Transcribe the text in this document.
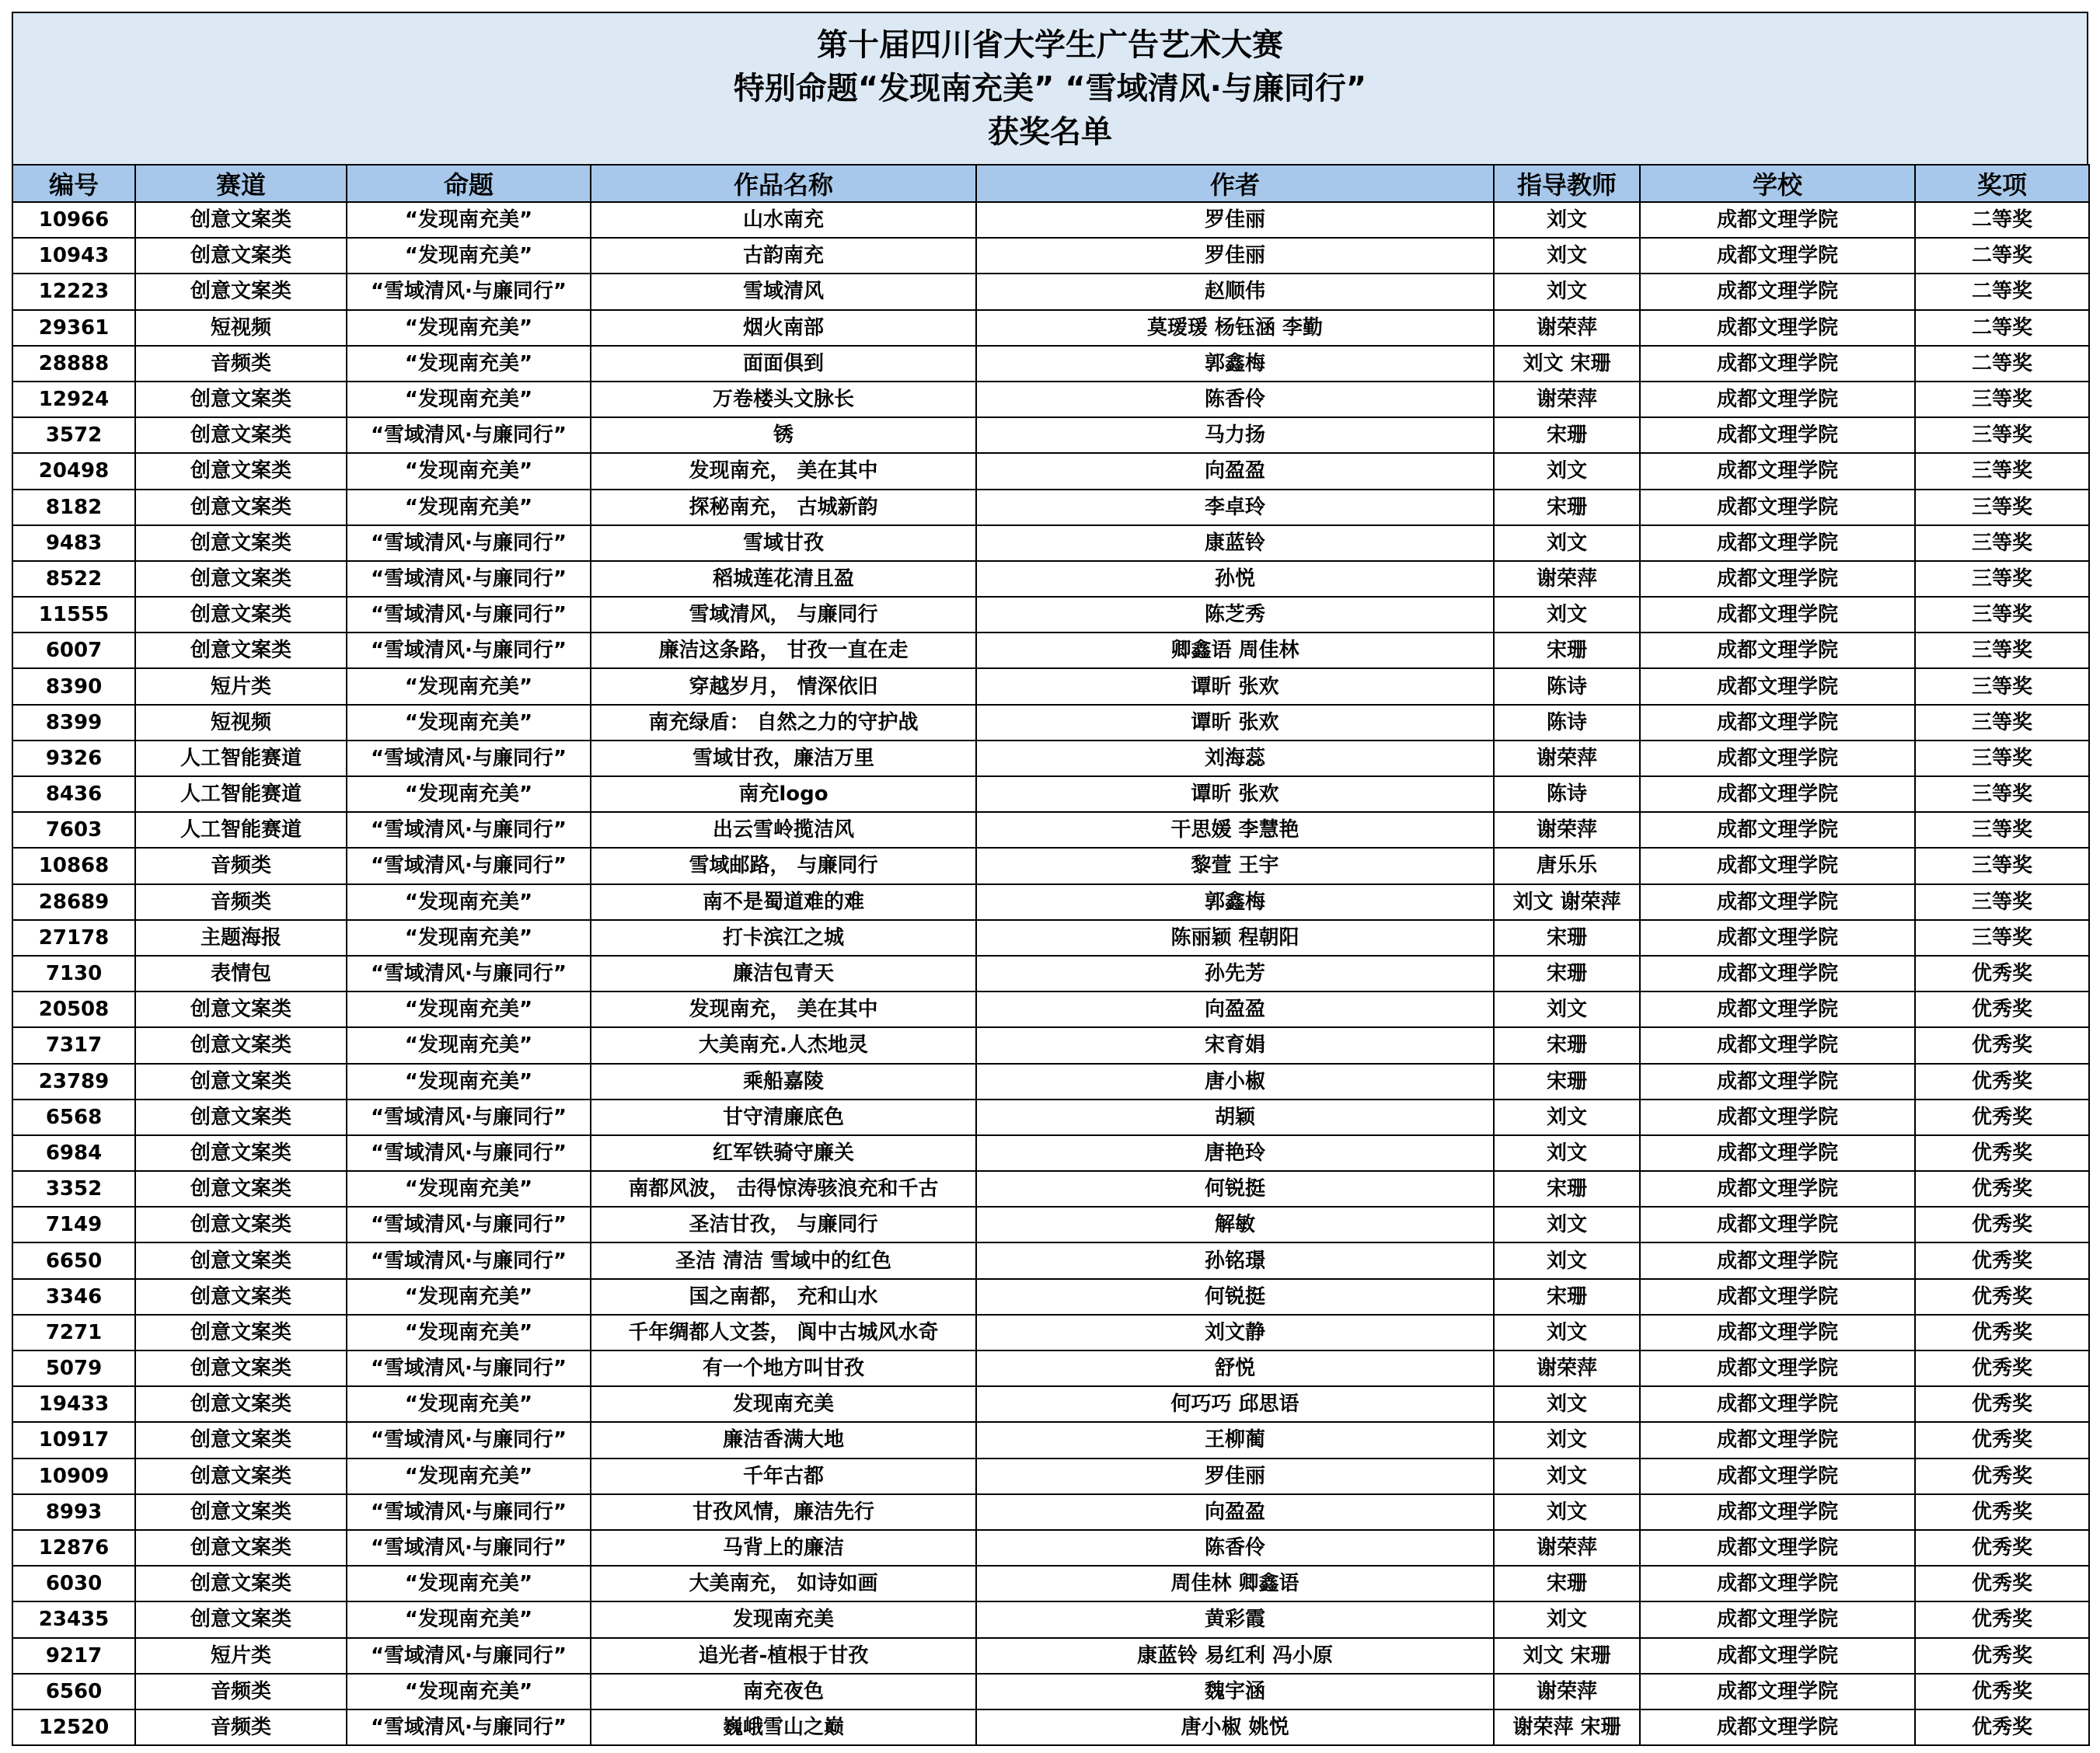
第十届四川省大学生广告艺术大赛
特别命题“发现南充美” “雪域清风·与廉同行”
获奖名单
编号	赛道	命题	作品名称	作者	指导教师	学校	奖项
10966	创意文案类	“发现南充美”	山水南充	罗佳丽	刘文	成都文理学院	二等奖
10943	创意文案类	“发现南充美”	古韵南充	罗佳丽	刘文	成都文理学院	二等奖
12223	创意文案类	“雪域清风·与廉同行”	雪域清风	赵顺伟	刘文	成都文理学院	二等奖
29361	短视频	“发现南充美”	烟火南部	莫瑷瑗 杨钰涵 李勤	谢荣萍	成都文理学院	二等奖
28888	音频类	“发现南充美”	面面俱到	郭鑫梅	刘文 宋珊	成都文理学院	二等奖
12924	创意文案类	“发现南充美”	万卷楼头文脉长	陈香伶	谢荣萍	成都文理学院	三等奖
3572	创意文案类	“雪域清风·与廉同行”	锈	马力扬	宋珊	成都文理学院	三等奖
20498	创意文案类	“发现南充美”	发现南充， 美在其中	向盈盈	刘文	成都文理学院	三等奖
8182	创意文案类	“发现南充美”	探秘南充， 古城新韵	李卓玲	宋珊	成都文理学院	三等奖
9483	创意文案类	“雪域清风·与廉同行”	雪域甘孜	康蓝铃	刘文	成都文理学院	三等奖
8522	创意文案类	“雪域清风·与廉同行”	稻城莲花清且盈	孙悦	谢荣萍	成都文理学院	三等奖
11555	创意文案类	“雪域清风·与廉同行”	雪域清风， 与廉同行	陈芝秀	刘文	成都文理学院	三等奖
6007	创意文案类	“雪域清风·与廉同行”	廉洁这条路， 甘孜一直在走	卿鑫语 周佳林	宋珊	成都文理学院	三等奖
8390	短片类	“发现南充美”	穿越岁月， 情深依旧	谭昕 张欢	陈诗	成都文理学院	三等奖
8399	短视频	“发现南充美”	南充绿盾： 自然之力的守护战	谭昕 张欢	陈诗	成都文理学院	三等奖
9326	人工智能赛道	“雪域清风·与廉同行”	雪域甘孜，廉洁万里	刘海蕊	谢荣萍	成都文理学院	三等奖
8436	人工智能赛道	“发现南充美”	南充logo	谭昕 张欢	陈诗	成都文理学院	三等奖
7603	人工智能赛道	“雪域清风·与廉同行”	出云雪岭揽洁风	干思媛 李慧艳	谢荣萍	成都文理学院	三等奖
10868	音频类	“雪域清风·与廉同行”	雪域邮路， 与廉同行	黎萱 王宇	唐乐乐	成都文理学院	三等奖
28689	音频类	“发现南充美”	南不是蜀道难的难	郭鑫梅	刘文 谢荣萍	成都文理学院	三等奖
27178	主题海报	“发现南充美”	打卡滨江之城	陈丽颖 程朝阳	宋珊	成都文理学院	三等奖
7130	表情包	“雪域清风·与廉同行”	廉洁包青天	孙先芳	宋珊	成都文理学院	优秀奖
20508	创意文案类	“发现南充美”	发现南充， 美在其中	向盈盈	刘文	成都文理学院	优秀奖
7317	创意文案类	“发现南充美”	大美南充.人杰地灵	宋育娟	宋珊	成都文理学院	优秀奖
23789	创意文案类	“发现南充美”	乘船嘉陵	唐小椒	宋珊	成都文理学院	优秀奖
6568	创意文案类	“雪域清风·与廉同行”	甘守清廉底色	胡颖	刘文	成都文理学院	优秀奖
6984	创意文案类	“雪域清风·与廉同行”	红军铁骑守廉关	唐艳玲	刘文	成都文理学院	优秀奖
3352	创意文案类	“发现南充美”	南都风波， 击得惊涛骇浪充和千古	何锐挺	宋珊	成都文理学院	优秀奖
7149	创意文案类	“雪域清风·与廉同行”	圣洁甘孜， 与廉同行	解敏	刘文	成都文理学院	优秀奖
6650	创意文案类	“雪域清风·与廉同行”	圣洁 清洁 雪域中的红色	孙铭璟	刘文	成都文理学院	优秀奖
3346	创意文案类	“发现南充美”	国之南都， 充和山水	何锐挺	宋珊	成都文理学院	优秀奖
7271	创意文案类	“发现南充美”	千年绸都人文荟， 阆中古城风水奇	刘文静	刘文	成都文理学院	优秀奖
5079	创意文案类	“雪域清风·与廉同行”	有一个地方叫甘孜	舒悦	谢荣萍	成都文理学院	优秀奖
19433	创意文案类	“发现南充美”	发现南充美	何巧巧 邱思语	刘文	成都文理学院	优秀奖
10917	创意文案类	“雪域清风·与廉同行”	廉洁香满大地	王柳蔺	刘文	成都文理学院	优秀奖
10909	创意文案类	“发现南充美”	千年古都	罗佳丽	刘文	成都文理学院	优秀奖
8993	创意文案类	“雪域清风·与廉同行”	甘孜风情，廉洁先行	向盈盈	刘文	成都文理学院	优秀奖
12876	创意文案类	“雪域清风·与廉同行”	马背上的廉洁	陈香伶	谢荣萍	成都文理学院	优秀奖
6030	创意文案类	“发现南充美”	大美南充， 如诗如画	周佳林 卿鑫语	宋珊	成都文理学院	优秀奖
23435	创意文案类	“发现南充美”	发现南充美	黄彩霞	刘文	成都文理学院	优秀奖
9217	短片类	“雪域清风·与廉同行”	追光者-植根于甘孜	康蓝铃 易红利 冯小原	刘文 宋珊	成都文理学院	优秀奖
6560	音频类	“发现南充美”	南充夜色	魏宇涵	谢荣萍	成都文理学院	优秀奖
12520	音频类	“雪域清风·与廉同行”	巍峨雪山之巅	唐小椒 姚悦	谢荣萍 宋珊	成都文理学院	优秀奖
